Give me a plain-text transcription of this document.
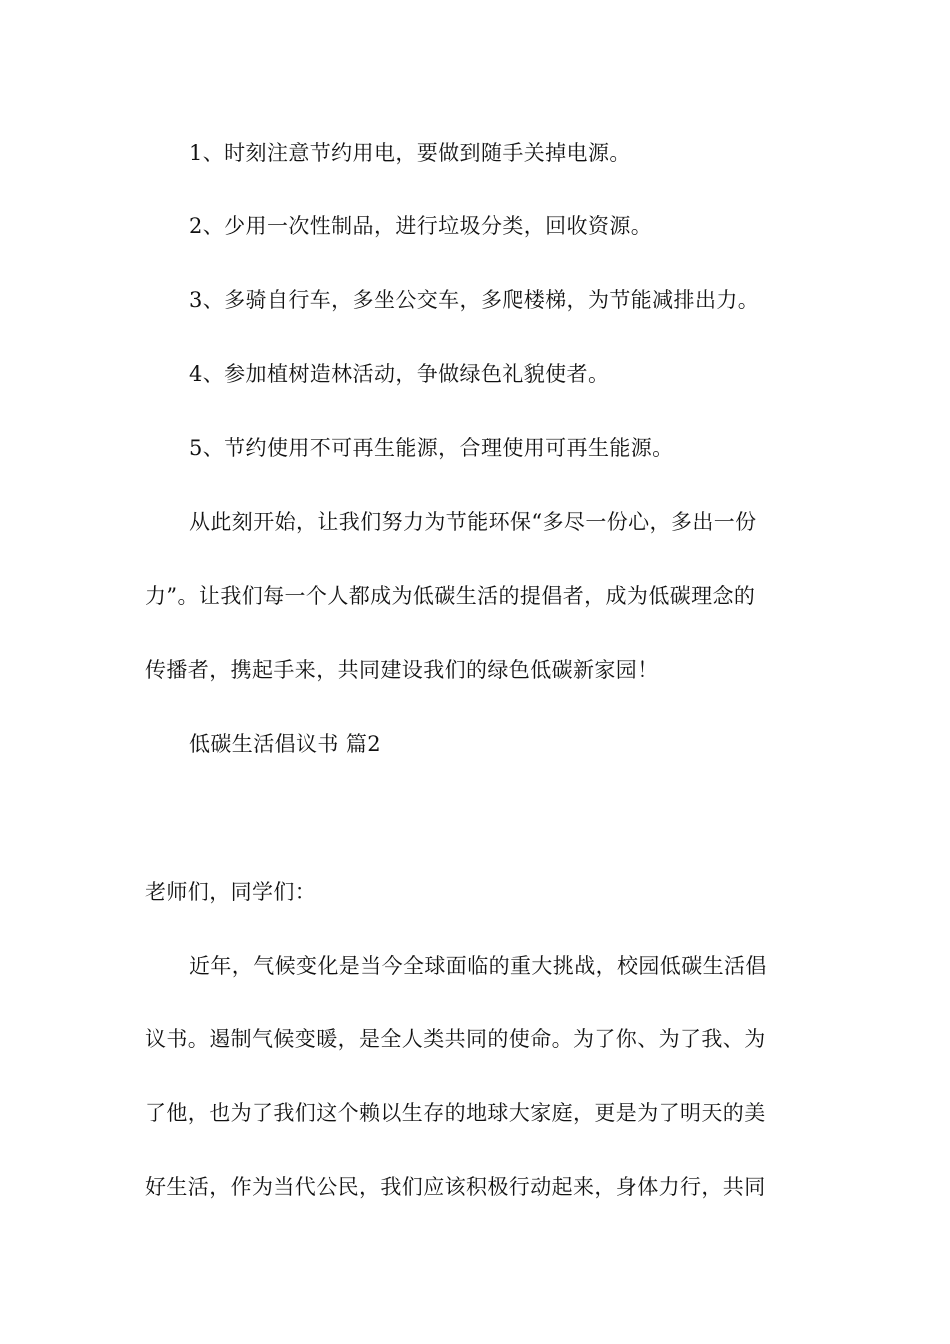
1、时刻注意节约用电，要做到随手关掉电源。
2、少用一次性制品，进行垃圾分类，回收资源。
3、多骑自行车，多坐公交车，多爬楼梯，为节能减排出力。
4、参加植树造林活动，争做绿色礼貌使者。
5、节约使用不可再生能源，合理使用可再生能源。
从此刻开始，让我们努力为节能环保“多尽一份心，多出一份
力”。让我们每一个人都成为低碳生活的提倡者，成为低碳理念的
传播者，携起手来，共同建设我们的绿色低碳新家园！
低碳生活倡议书 篇2
老师们，同学们：
近年，气候变化是当今全球面临的重大挑战，校园低碳生活倡
议书。遏制气候变暖，是全人类共同的使命。为了你、为了我、为
了他，也为了我们这个赖以生存的地球大家庭，更是为了明天的美
好生活，作为当代公民，我们应该积极行动起来，身体力行，共同
